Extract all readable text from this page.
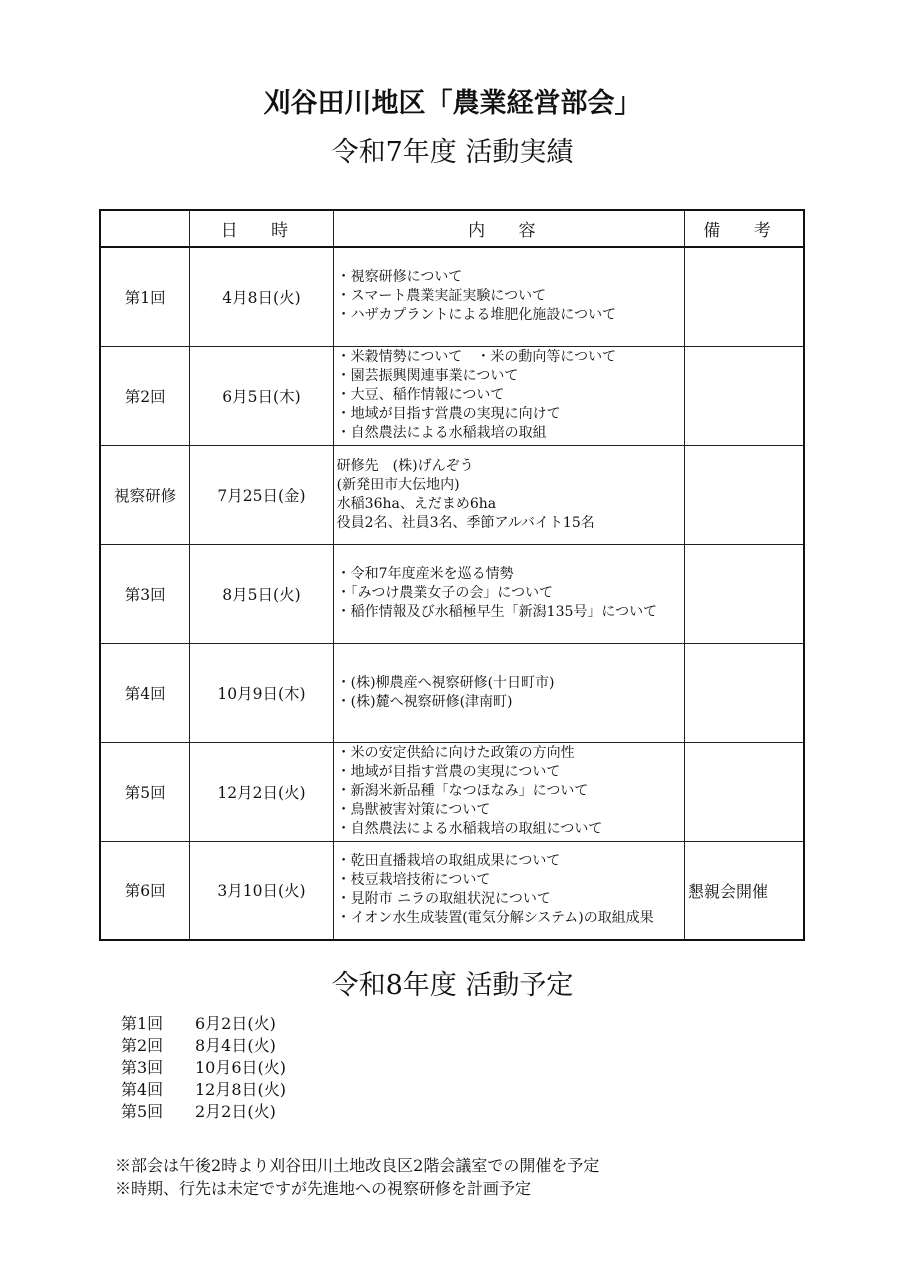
刈谷田川地区「農業経営部会」
令和7年度 活動実績
	日 時	内 容	備 考
第1回	4月8日(火)	・視察研修について
・スマート農業実証実験について
・ハザカプラントによる堆肥化施設について	

第2回	6月5日(木)	・米穀情勢について　・米の動向等について
・園芸振興関連事業について
・大豆、稲作情報について
・地域が目指す営農の実現に向けて
・自然農法による水稲栽培の取組	

視察研修	7月25日(金)	研修先　(株)げんぞう
(新発田市大伝地内)
水稲36ha、えだまめ6ha
役員2名、社員3名、季節アルバイト15名	

第3回	8月5日(火)	・令和7年度産米を巡る情勢
・「みつけ農業女子の会」について
・稲作情報及び水稲極早生「新潟135号」について	

第4回	10月9日(木)	・(株)柳農産へ視察研修(十日町市)
・(株)麓へ視察研修(津南町)	

第5回	12月2日(火)	・米の安定供給に向けた政策の方向性
・地域が目指す営農の実現について
・新潟米新品種「なつほなみ」について
・鳥獣被害対策について
・自然農法による水稲栽培の取組について	

第6回	3月10日(火)	・乾田直播栽培の取組成果について
・枝豆栽培技術について
・見附市 ニラの取組状況について
・イオン水生成装置(電気分解システム)の取組成果	懇親会開催
令和8年度 活動予定
第1回	6月2日(火)
第2回	8月4日(火)
第3回	10月6日(火)
第4回	12月8日(火)
第5回	2月2日(火)
※部会は午後2時より刈谷田川土地改良区2階会議室での開催を予定
※時期、行先は未定ですが先進地への視察研修を計画予定
